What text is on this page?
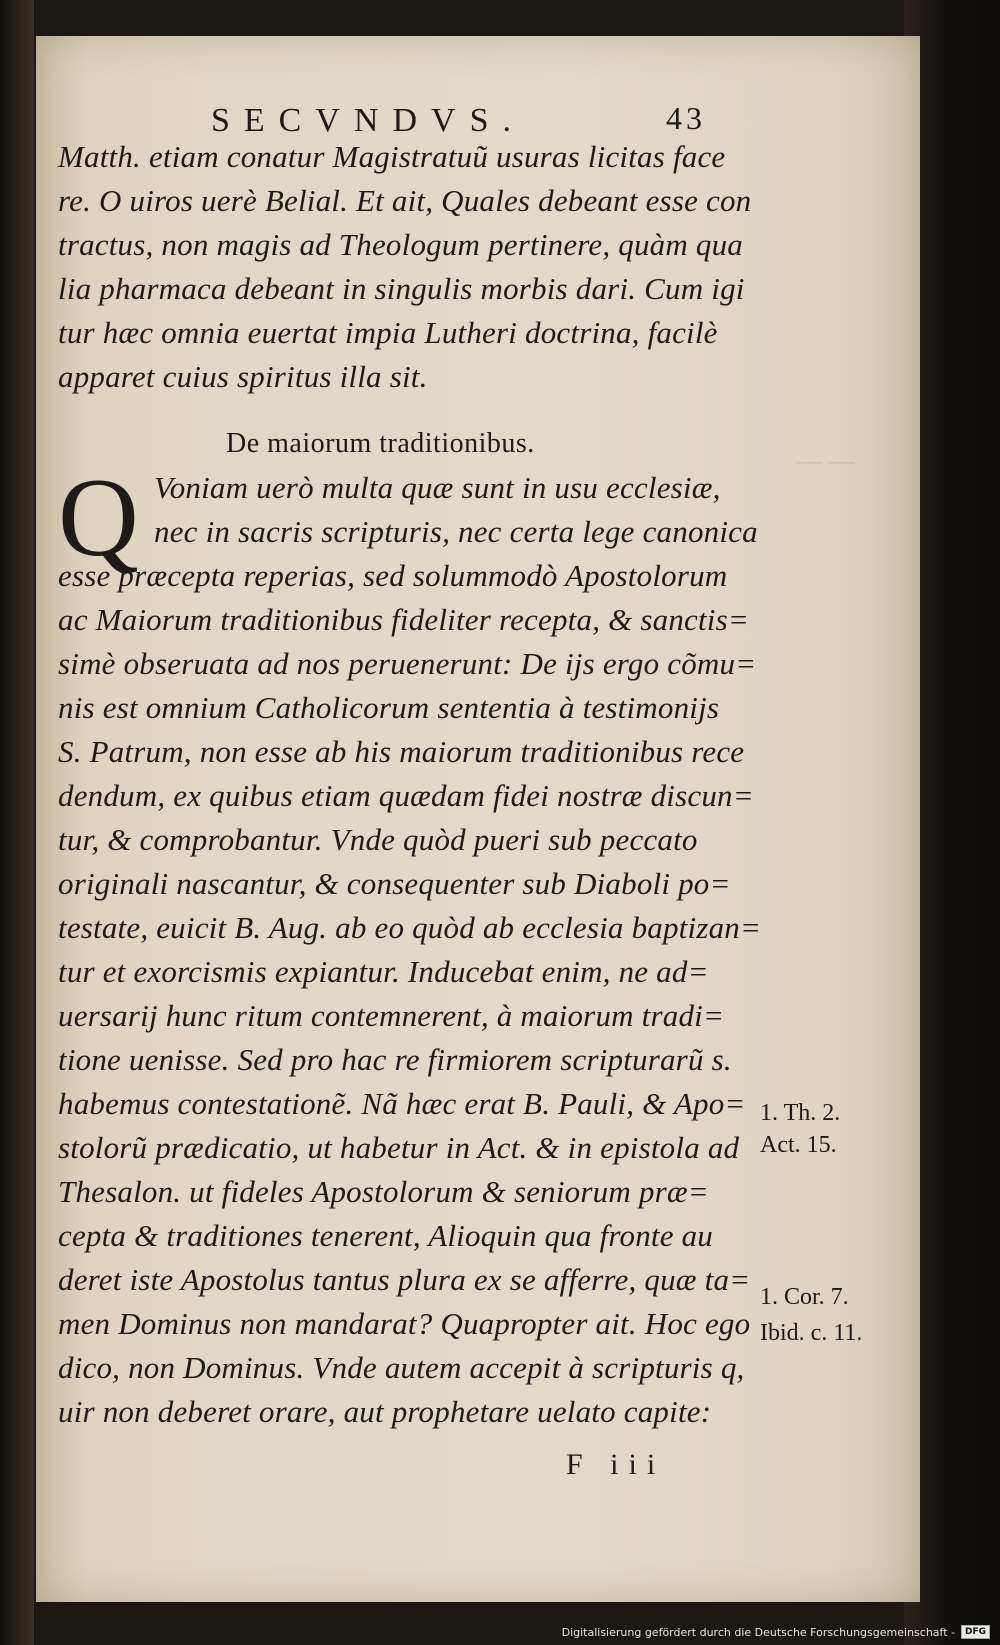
— —
SECVNDVS.	43
Matth. etiam conatur Magistratuũ usuras licitas face
re. O uiros uerè Belial. Et ait, Quales debeant esse con
tractus, non magis ad Theologum pertinere, quàm qua
lia pharmaca debeant in singulis morbis dari. Cum igi
tur hæc omnia euertat impia Lutheri doctrina, facilè
apparet cuius spiritus illa sit.
De maiorum traditionibus.
Q Voniam uerò multa quæ sunt in usu ecclesiæ,
nec in sacris scripturis, nec certa lege canonica
esse præcepta reperias, sed solummodò Apostolorum
ac Maiorum traditionibus fideliter recepta, & sanctis=
simè obseruata ad nos peruenerunt: De ijs ergo cõmu=
nis est omnium Catholicorum sententia à testimonijs
S. Patrum, non esse ab his maiorum traditionibus rece
dendum, ex quibus etiam quædam fidei nostræ discun=
tur, & comprobantur. Vnde quòd pueri sub peccato
originali nascantur, & consequenter sub Diaboli po=
testate, euicit B. Aug. ab eo quòd ab ecclesia baptizan=
tur et exorcismis expiantur. Inducebat enim, ne ad=
uersarij hunc ritum contemnerent, à maiorum tradi=
tione uenisse. Sed pro hac re firmiorem scripturarũ s.
habemus contestationẽ. Nã hæc erat B. Pauli, & Apo=
stolorũ prædicatio, ut habetur in Act. & in epistola ad
Thesalon. ut fideles Apostolorum & seniorum præ=
cepta & traditiones tenerent, Alioquin qua fronte au
deret iste Apostolus tantus plura ex se afferre, quæ ta=
men Dominus non mandarat? Quapropter ait. Hoc ego
dico, non Dominus. Vnde autem accepit à scripturis q,
uir non deberet orare, aut prophetare uelato capite:
1. Th. 2.
Act. 15.
1. Cor. 7.
Ibid. c. 11.
F iii
Digitalisierung gefördert durch die Deutsche Forschungsgemeinschaft -	DFG
